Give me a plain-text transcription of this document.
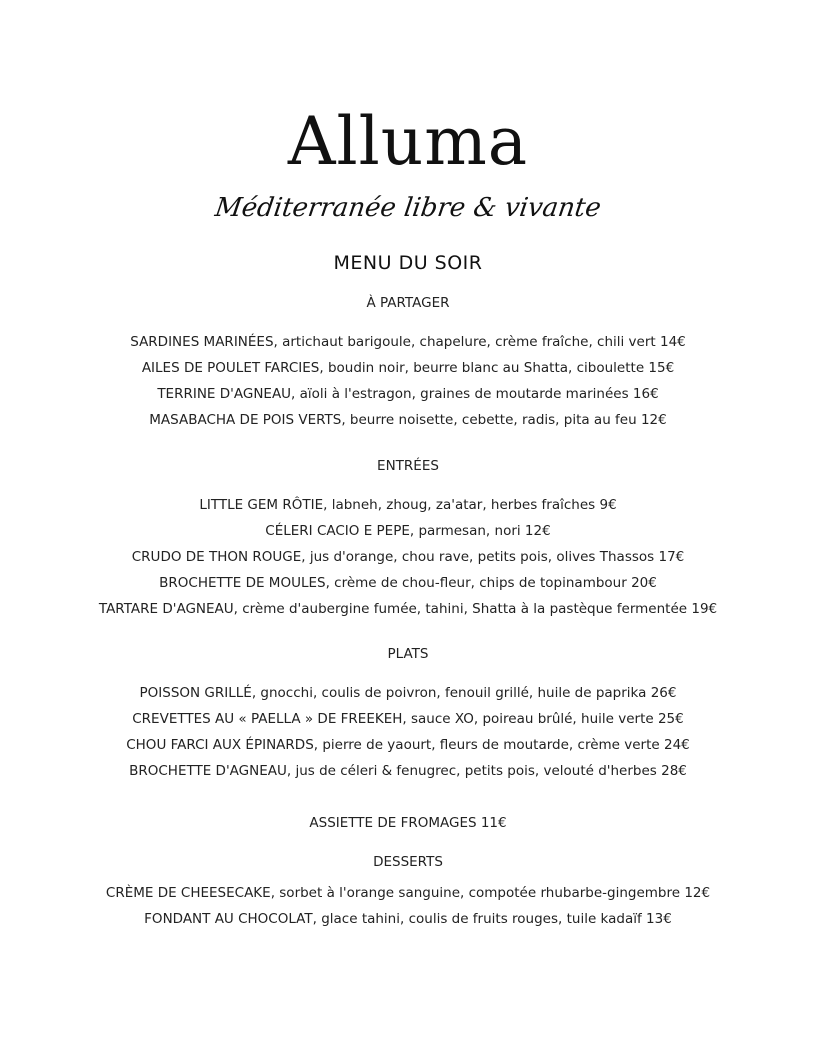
Alluma
Méditerranée libre & vivante
MENU DU SOIR
À PARTAGER
SARDINES MARINÉES, artichaut barigoule, chapelure, crème fraîche, chili vert 14€
AILES DE POULET FARCIES, boudin noir, beurre blanc au Shatta, ciboulette 15€
TERRINE D'AGNEAU, aïoli à l'estragon, graines de moutarde marinées 16€
MASABACHA DE POIS VERTS, beurre noisette, cebette, radis, pita au feu 12€
ENTRÉES
LITTLE GEM RÔTIE, labneh, zhoug, za'atar, herbes fraîches 9€
CÉLERI CACIO E PEPE, parmesan, nori 12€
CRUDO DE THON ROUGE, jus d'orange, chou rave, petits pois, olives Thassos 17€
BROCHETTE DE MOULES, crème de chou-fleur, chips de topinambour 20€
TARTARE D'AGNEAU, crème d'aubergine fumée, tahini, Shatta à la pastèque fermentée 19€
PLATS
POISSON GRILLÉ, gnocchi, coulis de poivron, fenouil grillé, huile de paprika 26€
CREVETTES AU « PAELLA » DE FREEKEH, sauce XO, poireau brûlé, huile verte 25€
CHOU FARCI AUX ÉPINARDS, pierre de yaourt, fleurs de moutarde, crème verte 24€
BROCHETTE D'AGNEAU, jus de céleri & fenugrec, petits pois, velouté d'herbes 28€
ASSIETTE DE FROMAGES 11€
DESSERTS
CRÈME DE CHEESECAKE, sorbet à l'orange sanguine, compotée rhubarbe-gingembre 12€
FONDANT AU CHOCOLAT, glace tahini, coulis de fruits rouges, tuile kadaïf 13€
